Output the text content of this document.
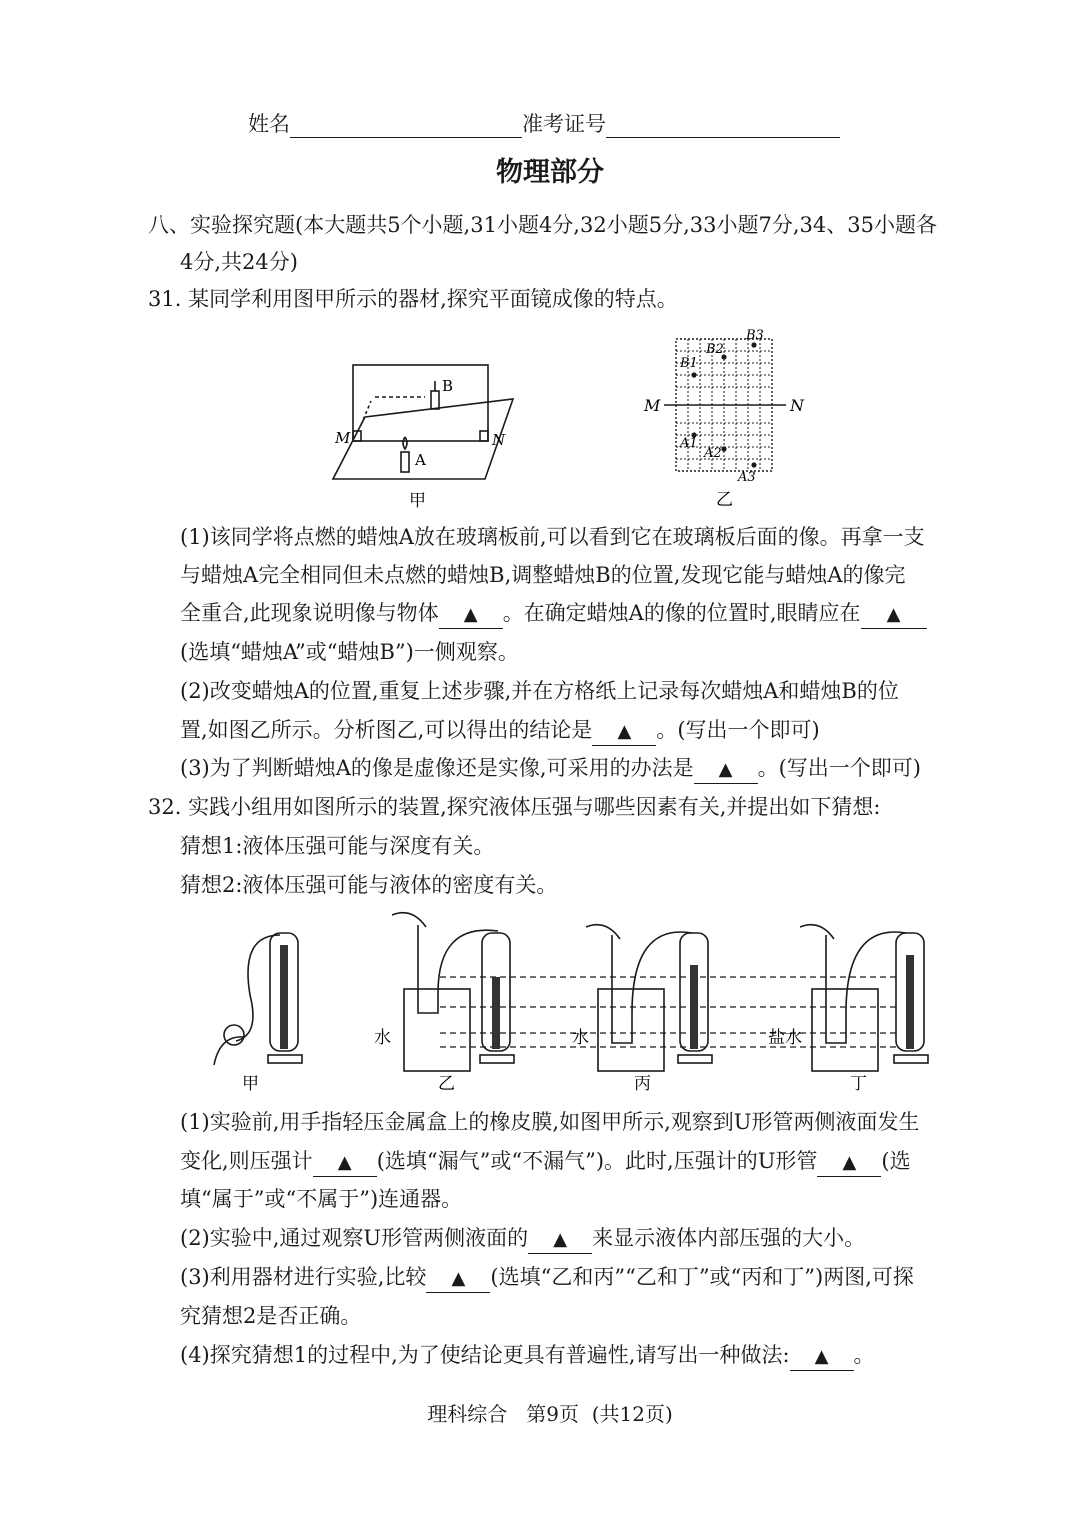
姓名	准考证号
物理部分
八、实验探究题(本大题共5个小题,31小题4分,32小题5分,33小题7分,34、35小题各
4分,共24分)
31. 某同学利用图甲所示的器材,探究平面镜成像的特点。
B
A
M	N
甲
B1
B2
B3
A1
A2
A3
M	N
乙
(1)该同学将点燃的蜡烛A放在玻璃板前,可以看到它在玻璃板后面的像。再拿一支
与蜡烛A完全相同但未点燃的蜡烛B,调整蜡烛B的位置,发现它能与蜡烛A的像完
全重合,此现象说明像与物体 ▲ 。在确定蜡烛A的像的位置时,眼睛应在 ▲
(选填“蜡烛A”或“蜡烛B”)一侧观察。
(2)改变蜡烛A的位置,重复上述步骤,并在方格纸上记录每次蜡烛A和蜡烛B的位
置,如图乙所示。分析图乙,可以得出的结论是 ▲ 。(写出一个即可)
(3)为了判断蜡烛A的像是虚像还是实像,可采用的办法是 ▲ 。(写出一个即可)
32. 实践小组用如图所示的装置,探究液体压强与哪些因素有关,并提出如下猜想:
猜想1:液体压强可能与深度有关。
猜想2:液体压强可能与液体的密度有关。
甲
水
乙
水
丙
盐水
丁
(1)实验前,用手指轻压金属盒上的橡皮膜,如图甲所示,观察到U形管两侧液面发生
变化,则压强计 ▲ (选填“漏气”或“不漏气”)。此时,压强计的U形管 ▲ (选
填“属于”或“不属于”)连通器。
(2)实验中,通过观察U形管两侧液面的 ▲ 来显示液体内部压强的大小。
(3)利用器材进行实验,比较 ▲ (选填“乙和丙”“乙和丁”或“丙和丁”)两图,可探
究猜想2是否正确。
(4)探究猜想1的过程中,为了使结论更具有普遍性,请写出一种做法: ▲ 。
理科综合   第9页  (共12页)
